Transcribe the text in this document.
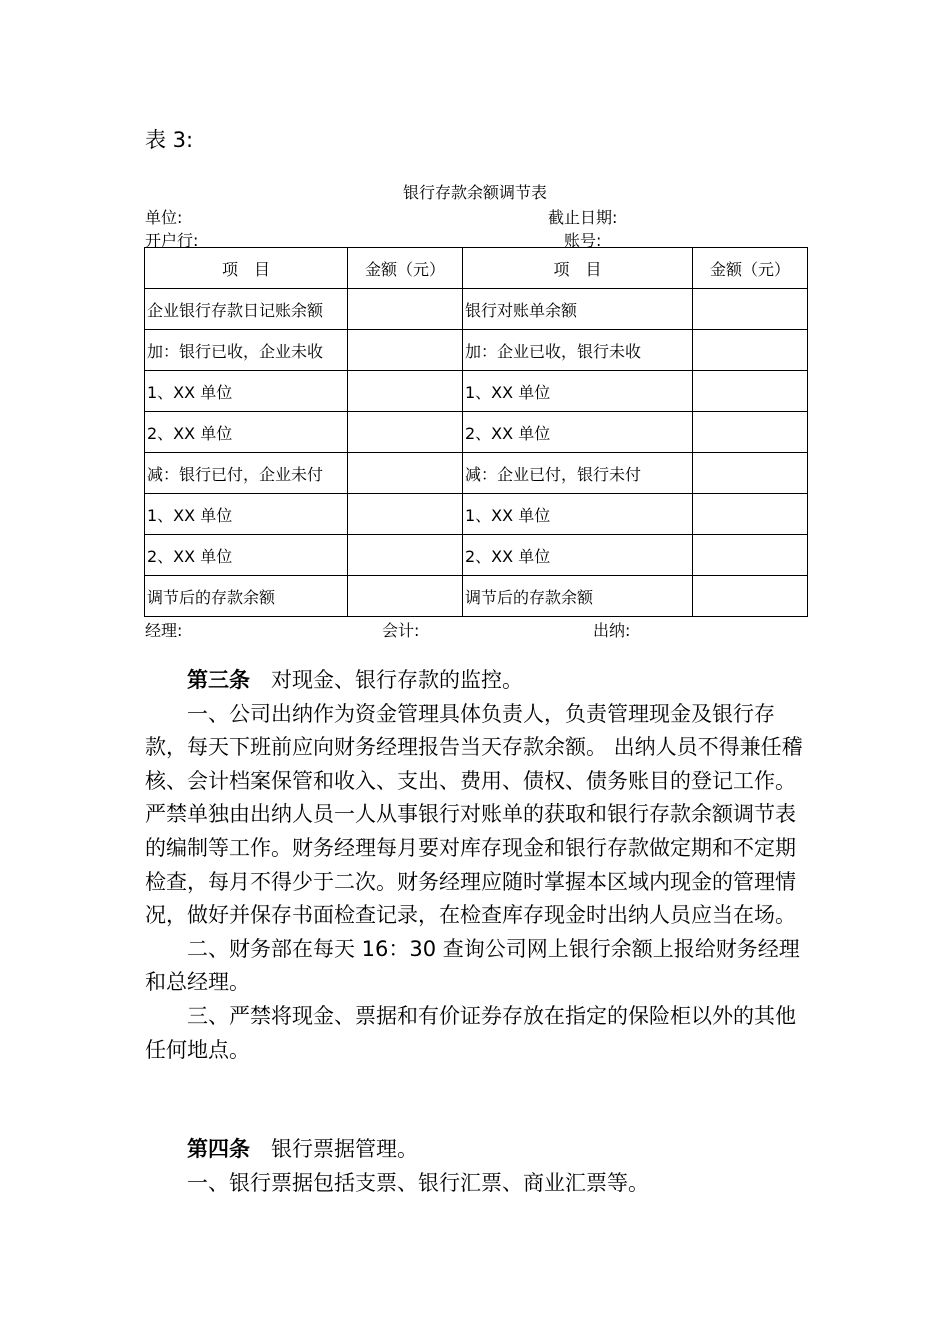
表 3:
银行存款余额调节表
单位:	截止日期:
开户行:	账号:
项　目	金额（元）	项　目	金额（元）
企业银行存款日记账余额		银行对账单余额	
加：银行已收，企业未收		加：企业已收，银行未收	
1、XX 单位		1、XX 单位	
2、XX 单位		2、XX 单位	
减：银行已付，企业未付		减：企业已付，银行未付	
1、XX 单位		1、XX 单位	
2、XX 单位		2、XX 单位	
调节后的存款余额		调节后的存款余额	
经理:	会计:	出纳:

第三条　 对现金、银行存款的监控。

一、公司出纳作为资金管理具体负责人，负责管理现金及银行存款，每天下班前应向财务经理报告当天存款余额。 出纳人员不得兼任稽核、会计档案保管和收入、支出、费用、债权、债务账目的登记工作。严禁单独由出纳人员一人从事银行对账单的获取和银行存款余额调节表的编制等工作。财务经理每月要对库存现金和银行存款做定期和不定期检查，每月不得少于二次。财务经理应随时掌握本区域内现金的管理情况，做好并保存书面检查记录，在检查库存现金时出纳人员应当在场。

二、财务部在每天 16：30 查询公司网上银行余额上报给财务经理和总经理。

三、严禁将现金、票据和有价证券存放在指定的保险柜以外的其他任何地点。

第四条　 银行票据管理。

一、银行票据包括支票、银行汇票、商业汇票等。
